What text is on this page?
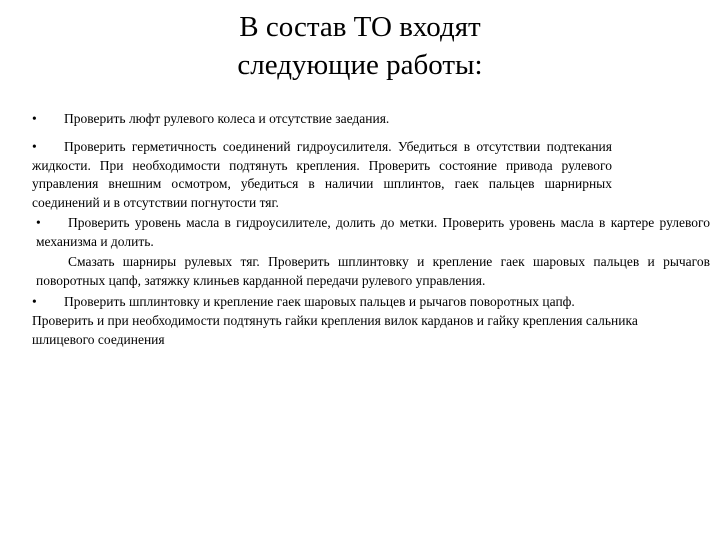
В состав ТО входят
следующие работы:
• Проверить люфт рулевого колеса и отсутствие заедания.
• Проверить герметичность соединений гидроусилителя. Убедиться в отсутствии подтекания жидкости. При необходимости подтянуть крепления. Проверить состояние привода рулевого управления внешним осмотром, убедиться в наличии шплинтов, гаек пальцев шарнирных соединений и в отсутствии погнутости тяг.
• Проверить уровень масла в гидроусилителе, долить до метки. Проверить уровень масла в картере рулевого механизма и долить.
Смазать шарниры рулевых тяг. Проверить шплинтовку и крепление гаек шаровых пальцев и рычагов поворотных цапф, затяжку клиньев карданной передачи рулевого управления.
• Проверить шплинтовку и крепление гаек шаровых пальцев и рычагов поворотных цапф.
Проверить и при необходимости подтянуть гайки крепления вилок карданов и гайку крепления сальника шлицевого соединения
